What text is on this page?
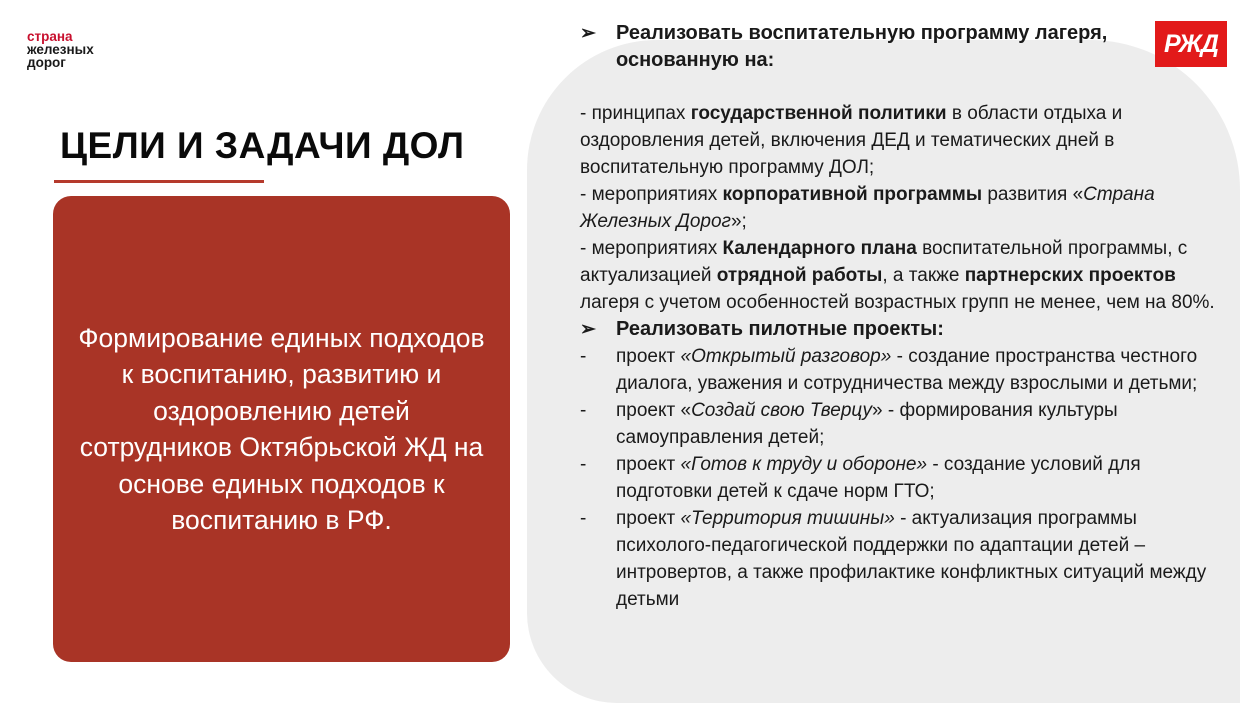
страна
железных
дорог
ЦЕЛИ И ЗАДАЧИ ДОЛ

Формирование единых подходов к воспитанию, развитию и оздоровлению детей сотрудников Октябрьской ЖД на основе единых подходов к воспитанию в РФ.

➢	Реализовать воспитательную программу лагеря, основанную на:

- принципах государственной политики в области отдыха и оздоровления детей, включения ДЕД и тематических дней в воспитательную программу ДОЛ;

- мероприятиях корпоративной программы развития «Страна Железных Дорог»;

- мероприятиях Календарного плана воспитательной программы, с актуализацией отрядной работы, а также партнерских проектов лагеря с учетом особенностей возрастных групп не менее, чем на 80%.

➢	Реализовать пилотные проекты:

-	проект «Открытый разговор» - создание пространства честного диалога, уважения и сотрудничества между взрослыми и детьми;
-	проект «Создай свою Тверцу» - формирования культуры самоуправления детей;
-	проект «Готов к труду и обороне» - создание условий для подготовки детей к сдаче норм ГТО;
-	проект «Территория тишины» - актуализация программы психолого-педагогической поддержки по адаптации детей – интровертов, а также профилактике конфликтных ситуаций между детьми
РЖД
